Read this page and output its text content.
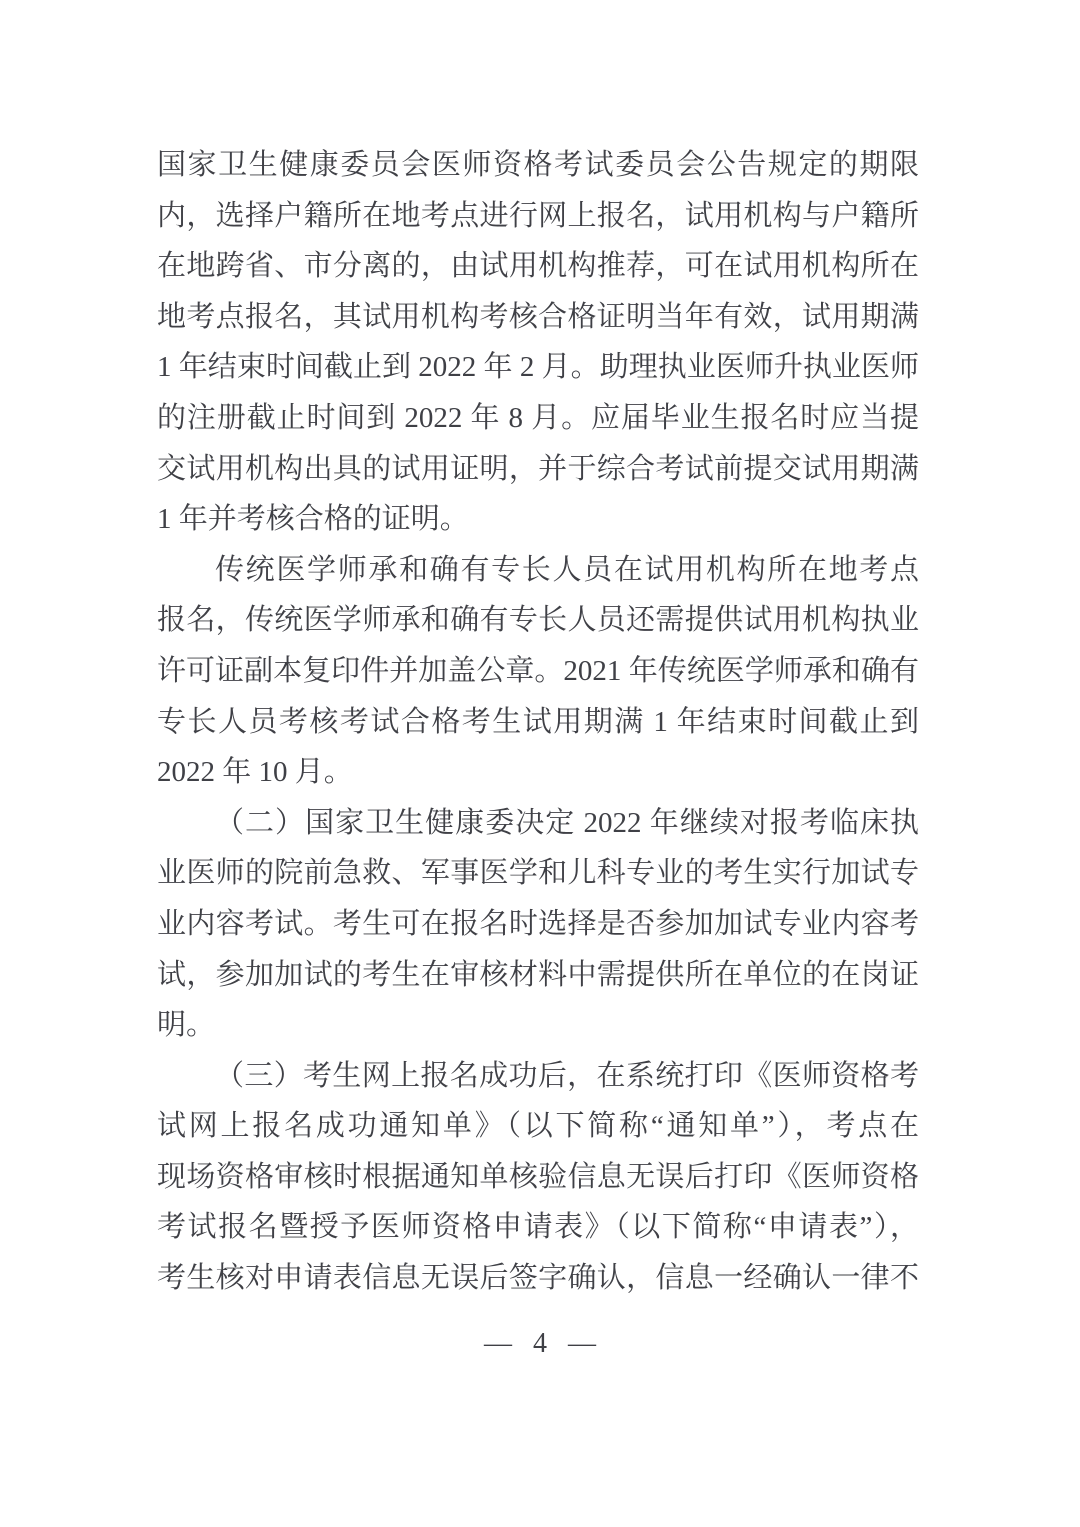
国家卫生健康委员会医师资格考试委员会公告规定的期限
内，选择户籍所在地考点进行网上报名，试用机构与户籍所
在地跨省、市分离的，由试用机构推荐，可在试用机构所在
地考点报名，其试用机构考核合格证明当年有效，试用期满
1 年结束时间截止到 2022 年 2 月。助理执业医师升执业医师
的注册截止时间到 2022 年 8 月。应届毕业生报名时应当提
交试用机构出具的试用证明，并于综合考试前提交试用期满
1 年并考核合格的证明。
传统医学师承和确有专长人员在试用机构所在地考点
报名，传统医学师承和确有专长人员还需提供试用机构执业
许可证副本复印件并加盖公章。2021 年传统医学师承和确有
专长人员考核考试合格考生试用期满 1 年结束时间截止到
2022 年 10 月。
（二）国家卫生健康委决定 2022 年继续对报考临床执
业医师的院前急救、军事医学和儿科专业的考生实行加试专
业内容考试。考生可在报名时选择是否参加加试专业内容考
试，参加加试的考生在审核材料中需提供所在单位的在岗证
明。
（三）考生网上报名成功后，在系统打印《医师资格考
试网上报名成功通知单》（以下简称“通知单”），考点在
现场资格审核时根据通知单核验信息无误后打印《医师资格
考试报名暨授予医师资格申请表》（以下简称“申请表”），
考生核对申请表信息无误后签字确认，信息一经确认一律不
— 4 —
